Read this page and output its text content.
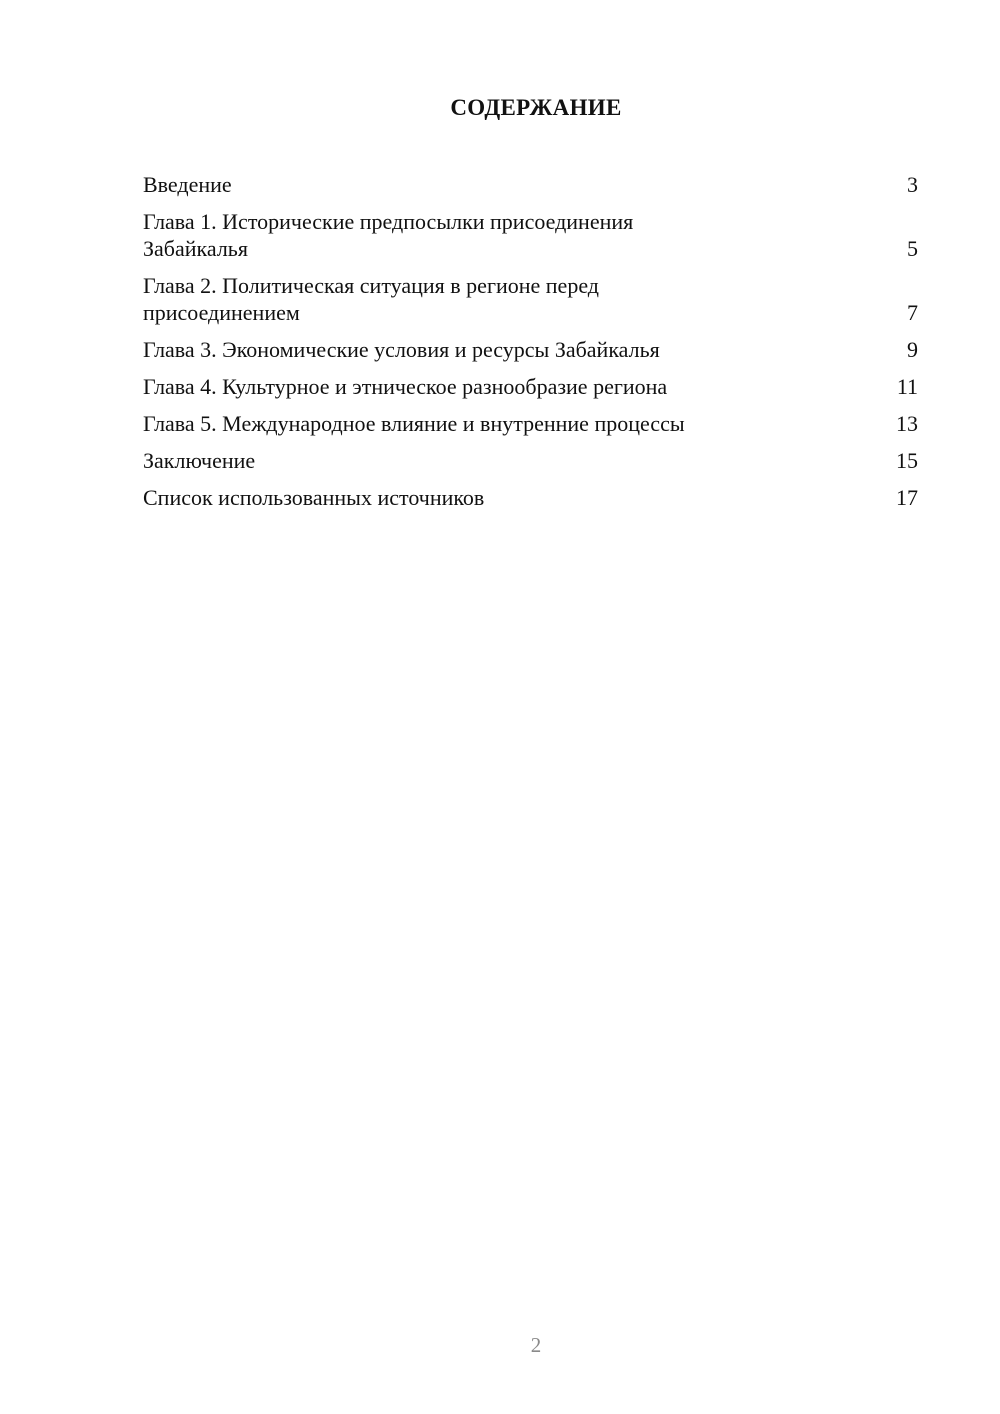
СОДЕРЖАНИЕ
Введение	3
Глава 1. Исторические предпосылки присоединения Забайкалья	5
Глава 2. Политическая ситуация в регионе перед присоединением	7
Глава 3. Экономические условия и ресурсы Забайкалья	9
Глава 4. Культурное и этническое разнообразие региона	11
Глава 5. Международное влияние и внутренние процессы	13
Заключение	15
Список использованных источников	17
2
